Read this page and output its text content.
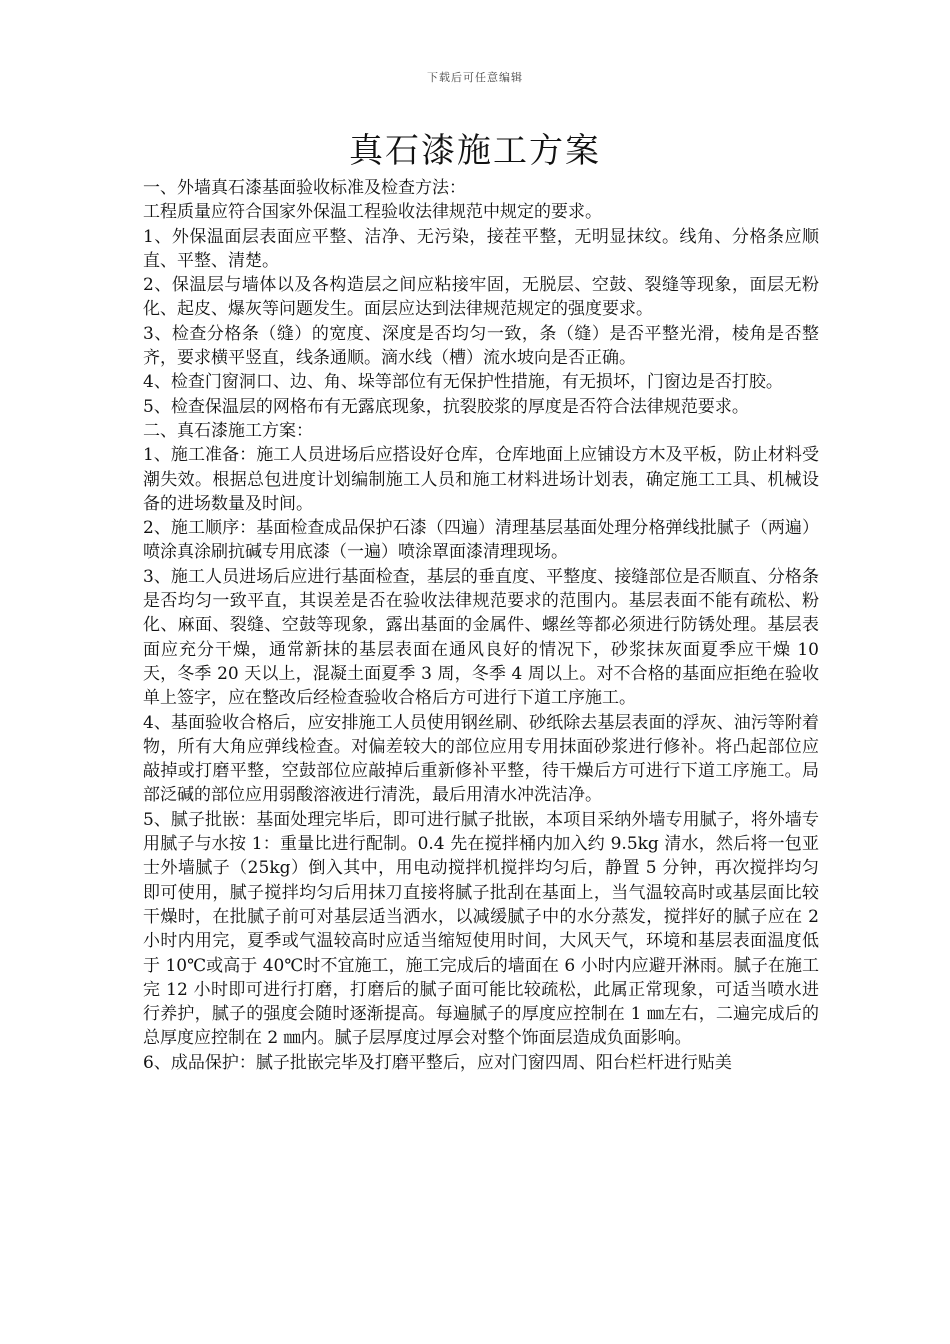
下载后可任意编辑
真石漆施工方案

一、外墙真石漆基面验收标准及检查方法：

工程质量应符合国家外保温工程验收法律规范中规定的要求。

1、外保温面层表面应平整、洁净、无污染，接茬平整，无明显抹纹。线角、分格条应顺直、平整、清楚。

2、保温层与墙体以及各构造层之间应粘接牢固，无脱层、空鼓、裂缝等现象，面层无粉化、起皮、爆灰等问题发生。面层应达到法律规范规定的强度要求。

3、检查分格条（缝）的宽度、深度是否均匀一致，条（缝）是否平整光滑，棱角是否整齐，要求横平竖直，线条通顺。滴水线（槽）流水坡向是否正确。

4、检查门窗洞口、边、角、垛等部位有无保护性措施，有无损坏，门窗边是否打胶。

5、检查保温层的网格布有无露底现象，抗裂胶浆的厚度是否符合法律规范要求。

二、真石漆施工方案：

1、施工准备：施工人员进场后应搭设好仓库，仓库地面上应铺设方木及平板，防止材料受潮失效。根据总包进度计划编制施工人员和施工材料进场计划表，确定施工工具、机械设备的进场数量及时间。

2、施工顺序：基面检查成品保护石漆（四遍）清理基层基面处理分格弹线批腻子（两遍）喷涂真涂刷抗碱专用底漆（一遍）喷涂罩面漆清理现场。

3、施工人员进场后应进行基面检查，基层的垂直度、平整度、接缝部位是否顺直、分格条是否均匀一致平直，其误差是否在验收法律规范要求的范围内。基层表面不能有疏松、粉化、麻面、裂缝、空鼓等现象，露出基面的金属件、螺丝等都必须进行防锈处理。基层表面应充分干燥，通常新抹的基层表面在通风良好的情况下，砂浆抹灰面夏季应干燥 10 天，冬季 20 天以上，混凝土面夏季 3 周，冬季 4 周以上。对不合格的基面应拒绝在验收单上签字，应在整改后经检查验收合格后方可进行下道工序施工。

4、基面验收合格后，应安排施工人员使用钢丝刷、砂纸除去基层表面的浮灰、油污等附着物，所有大角应弹线检查。对偏差较大的部位应用专用抹面砂浆进行修补。将凸起部位应敲掉或打磨平整，空鼓部位应敲掉后重新修补平整，待干燥后方可进行下道工序施工。局部泛碱的部位应用弱酸溶液进行清洗，最后用清水冲洗洁净。

5、腻子批嵌：基面处理完毕后，即可进行腻子批嵌，本项目采纳外墙专用腻子，将外墙专用腻子与水按 1：重量比进行配制。0.4 先在搅拌桶内加入约 9.5kg 清水，然后将一包亚士外墙腻子（25kg）倒入其中，用电动搅拌机搅拌均匀后，静置 5 分钟，再次搅拌均匀即可使用，腻子搅拌均匀后用抹刀直接将腻子批刮在基面上，当气温较高时或基层面比较干燥时，在批腻子前可对基层适当洒水，以减缓腻子中的水分蒸发，搅拌好的腻子应在 2 小时内用完，夏季或气温较高时应适当缩短使用时间，大风天气，环境和基层表面温度低于 10℃或高于 40℃时不宜施工，施工完成后的墙面在 6 小时内应避开淋雨。腻子在施工完 12 小时即可进行打磨，打磨后的腻子面可能比较疏松，此属正常现象，可适当喷水进行养护，腻子的强度会随时逐渐提高。每遍腻子的厚度应控制在 1 ㎜左右，二遍完成后的总厚度应控制在 2 ㎜内。腻子层厚度过厚会对整个饰面层造成负面影响。

6、成品保护：腻子批嵌完毕及打磨平整后，应对门窗四周、阳台栏杆进行贴美
